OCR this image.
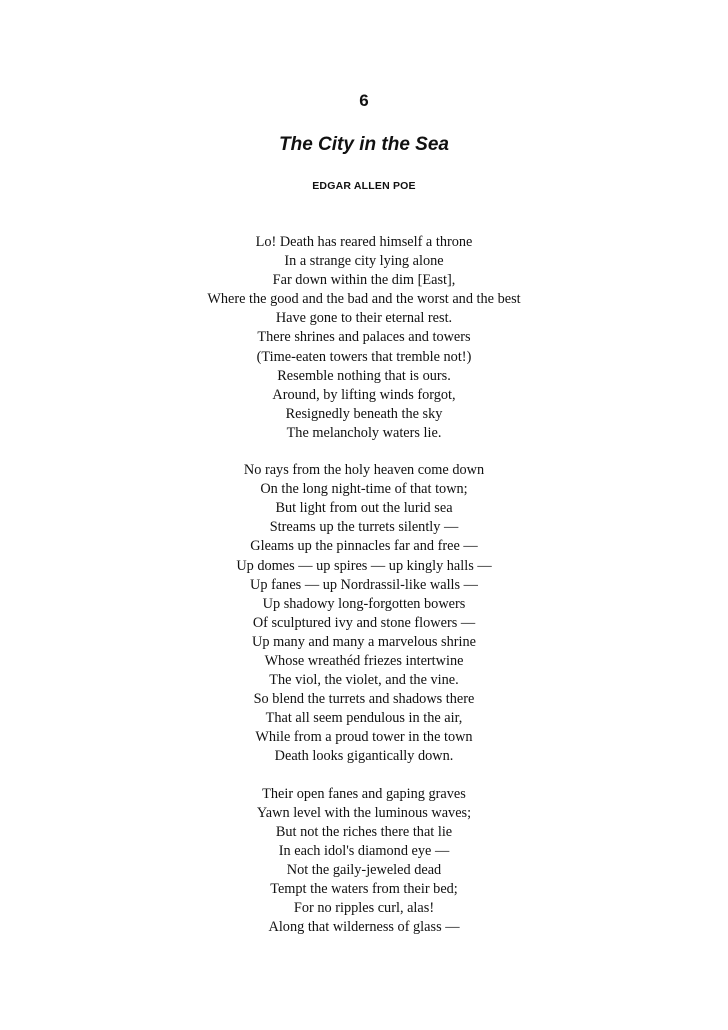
6
The City in the Sea
EDGAR ALLEN POE
Lo! Death has reared himself a throne
In a strange city lying alone
Far down within the dim [East],
Where the good and the bad and the worst and the best
Have gone to their eternal rest.
There shrines and palaces and towers
(Time-eaten towers that tremble not!)
Resemble nothing that is ours.
Around, by lifting winds forgot,
Resignedly beneath the sky
The melancholy waters lie.
No rays from the holy heaven come down
On the long night-time of that town;
But light from out the lurid sea
Streams up the turrets silently —
Gleams up the pinnacles far and free —
Up domes — up spires — up kingly halls —
Up fanes — up Nordrassil-like walls —
Up shadowy long-forgotten bowers
Of sculptured ivy and stone flowers —
Up many and many a marvelous shrine
Whose wreathéd friezes intertwine
The viol, the violet, and the vine.
So blend the turrets and shadows there
That all seem pendulous in the air,
While from a proud tower in the town
Death looks gigantically down.
Their open fanes and gaping graves
Yawn level with the luminous waves;
But not the riches there that lie
In each idol's diamond eye —
Not the gaily-jeweled dead
Tempt the waters from their bed;
For no ripples curl, alas!
Along that wilderness of glass —
